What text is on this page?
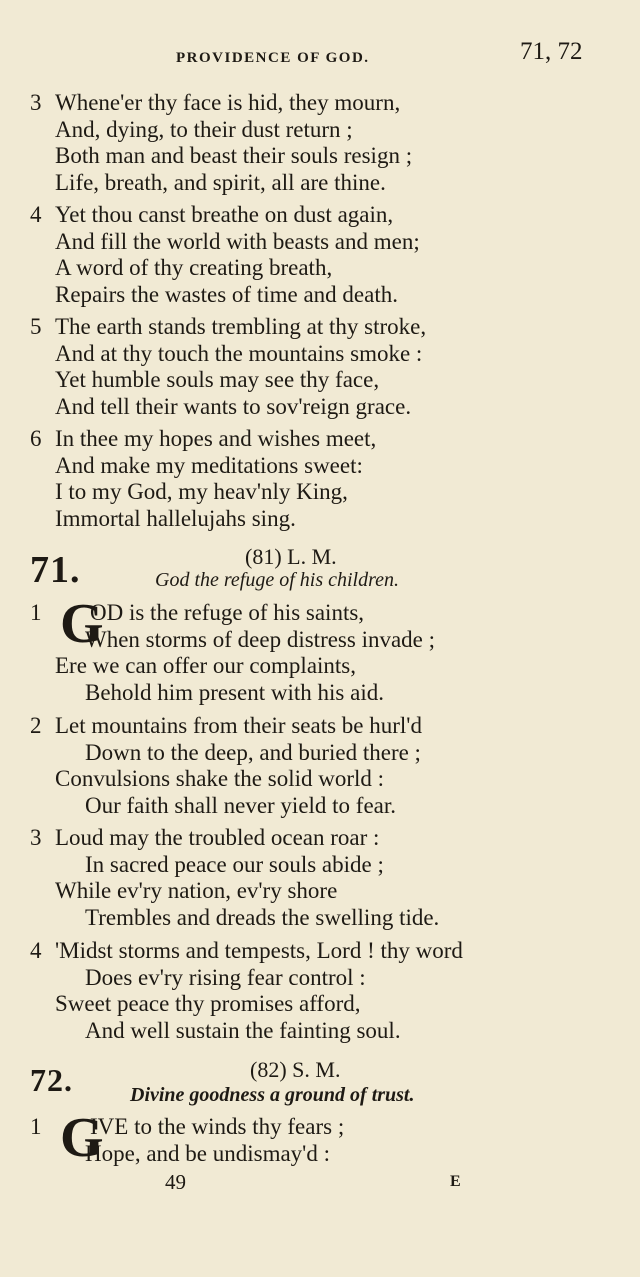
PROVIDENCE OF GOD.	71, 72
3 Whene'er thy face is hid, they mourn,
And, dying, to their dust return ;
Both man and beast their souls resign ;
Life, breath, and spirit, all are thine.
4 Yet thou canst breathe on dust again,
And fill the world with beasts and men;
A word of thy creating breath,
Repairs the wastes of time and death.
5 The earth stands trembling at thy stroke,
And at thy touch the mountains smoke :
Yet humble souls may see thy face,
And tell their wants to sov'reign grace.
6 In thee my hopes and wishes meet,
And make my meditations sweet:
I to my God, my heav'nly King,
Immortal hallelujahs sing.
71.	(81) L. M.
God the refuge of his children.
1 G
OD is the refuge of his saints,
When storms of deep distress invade ;
Ere we can offer our complaints,
Behold him present with his aid.
2 Let mountains from their seats be hurl'd
Down to the deep, and buried there ;
Convulsions shake the solid world :
Our faith shall never yield to fear.
3 Loud may the troubled ocean roar :
In sacred peace our souls abide ;
While ev'ry nation, ev'ry shore
Trembles and dreads the swelling tide.
4 'Midst storms and tempests, Lord ! thy word
Does ev'ry rising fear control :
Sweet peace thy promises afford,
And well sustain the fainting soul.
72.	(82) S. M.
Divine goodness a ground of trust.
1 G
IVE to the winds thy fears ;
Hope, and be undismay'd :
49	E
